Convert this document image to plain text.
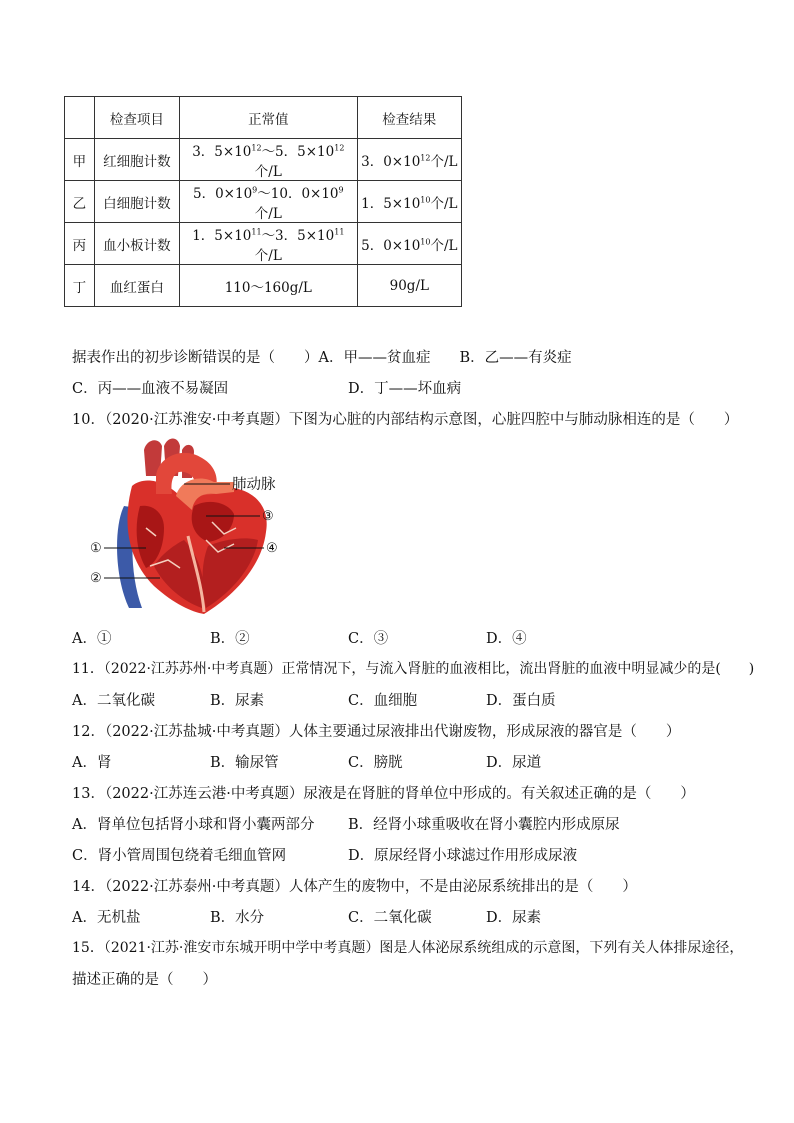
	检查项目	正常值	检查结果
甲	红细胞计数	3．$5\times 10^{12}\sim 5$．$5\times 10^{12}$个/L	3．$0\times 10^{12}$个/L
乙	白细胞计数	5．$0\times 10^9\sim 10$．$0\times 10^9$个/L	1．$5\times 10^{10}$个/L
丙	血小板计数	1．$5\times 10^{11}\sim 3$．$5\times 10^{11}$个/L	5．$0\times 10^{10}$个/L
丁	血红蛋白	110～160g/L	90g/L
据表作出的初步诊断错误的是（　　）A．甲——贫血症　　B．乙——有炎症
C．丙——血液不易凝固	D．丁——坏血病
10．（2020·江苏淮安·中考真题）下图为心脏的内部结构示意图，心脏四腔中与肺动脉相连的是（　　）
肺动脉
③
④
①
②
A．①	B．②	C．③	D．④
11．（2022·江苏苏州·中考真题）正常情况下，与流入肾脏的血液相比，流出肾脏的血液中明显减少的是(　　)
A．二氧化碳	B．尿素	C．血细胞	D．蛋白质
12．（2022·江苏盐城·中考真题）人体主要通过尿液排出代谢废物，形成尿液的器官是（　　）
A．肾	B．输尿管	C．膀胱	D．尿道
13．（2022·江苏连云港·中考真题）尿液是在肾脏的肾单位中形成的。有关叙述正确的是（　　）
A．肾单位包括肾小球和肾小囊两部分 B．经肾小球重吸收在肾小囊腔内形成原尿
C．肾小管周围包绕着毛细血管网	D．原尿经肾小球滤过作用形成尿液
14．（2022·江苏泰州·中考真题）人体产生的废物中，不是由泌尿系统排出的是（　　）
A．无机盐	B．水分	C．二氧化碳	D．尿素
15．（2021·江苏·淮安市东城开明中学中考真题）图是人体泌尿系统组成的示意图，下列有关人体排尿途径，
描述正确的是（　　）
